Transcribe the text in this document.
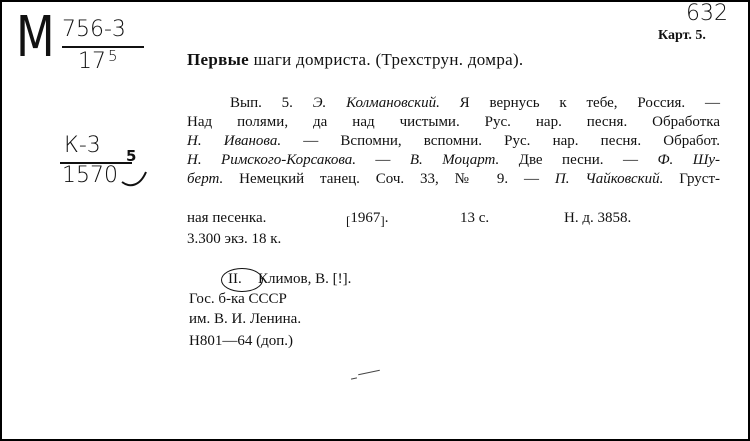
M 756-3
17 5
К-3
1570
5
632
Карт. 5.
Первые шаги домриста. (Трехструн. домра).
Вып. 5. Э. Колмановский. Я вернусь к тебе, Россия. —
Над полями, да над чистыми. Рус. нар. песня. Обработка
Н. Иванова. — Вспомни, вспомни. Рус. нар. песня. Обработ.
Н. Римского-Корсакова. — В. Моцарт. Две песни. — Ф. Шу-
берт. Немецкий танец. Соч. 33, № 9. — П. Чайковский. Груст-
ная песенка.	[1967].	13 с.	Н. д. 3858.
3.300 экз. 18 к.
II. Климов, В. [!].
Гос. б-ка СССР
им. В. И. Ленина.
Н801—64 (доп.)
